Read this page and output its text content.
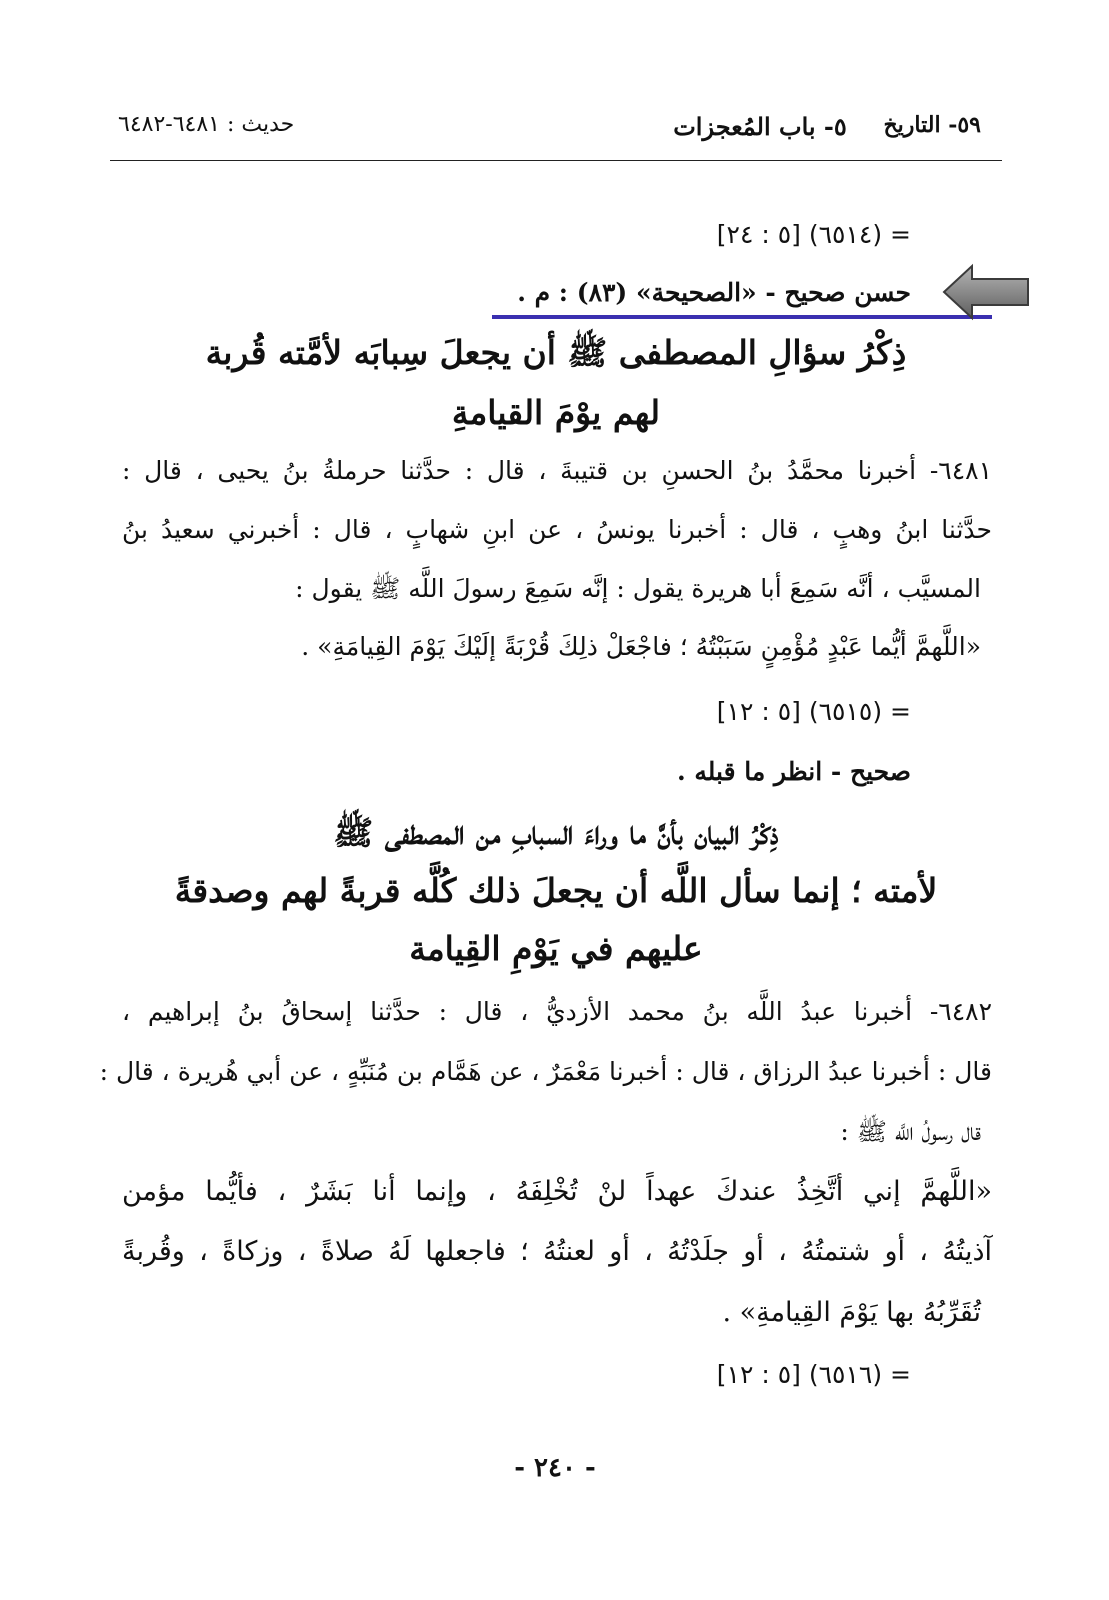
٥٩- التاريخ
٥- باب المُعجزات
حديث : ٦٤٨١-٦٤٨٢
= (٦٥١٤) [٥ : ٢٤]
حسن صحيح - «الصحيحة» (٨٣) : م .
ذِكْرُ سؤالِ المصطفى ﷺ أن يجعلَ سِبابَه لأمَّته قُربة
لهم يوْمَ القيامةِ
٦٤٨١- أخبرنا محمَّدُ بنُ الحسنِ بن قتيبةَ ، قال : حدَّثنا حرملةُ بنُ يحيى ، قال :
حدَّثنا ابنُ وهبٍ ، قال : أخبرنا يونسُ ، عن ابنِ شهابٍ ، قال : أخبرني سعيدُ بنُ
المسيَّب ، أنَّه سَمِعَ أبا هريرة يقول : إنَّه سَمِعَ رسولَ اللَّه ﷺ يقول :
«اللَّهمَّ أيُّما عَبْدٍ مُؤْمِنٍ سَبَبْتُهُ ؛ فاجْعَلْ ذلِكَ قُرْبَةً إلَيْكَ يَوْمَ القِيامَةِ» .
= (٦٥١٥) [٥ : ١٢]
صحيح - انظر ما قبله .
ذِكْرُ البيان بأنَّ ما وراءَ السبابِ من المصطفى ﷺ
لأمته ؛ إنما سأل اللَّه أن يجعلَ ذلك كُلَّه قربةً لهم وصدقةً
عليهم في يَوْمِ القِيامة
٦٤٨٢- أخبرنا عبدُ اللَّه بنُ محمد الأزديُّ ، قال : حدَّثنا إسحاقُ بنُ إبراهيم ،
قال : أخبرنا عبدُ الرزاق ، قال : أخبرنا مَعْمَرٌ ، عن هَمَّام بن مُنَبِّهٍ ، عن أبي هُريرة ، قال :
قال رسولُ اللَّه ﷺ :
«اللَّهمَّ إني أتَّخِذُ عندكَ عهداً لنْ تُخْلِفَهُ ، وإنما أنا بَشَرٌ ، فأيُّما مؤمن
آذيتُهُ ، أو شتمتُهُ ، أو جلَدْتُهُ ، أو لعنتُهُ ؛ فاجعلها لَهُ صلاةً ، وزكاةً ، وقُربةً
تُقَرِّبُهُ بها يَوْمَ القِيامةِ» .
= (٦٥١٦) [٥ : ١٢]
- ٢٤٠ -
